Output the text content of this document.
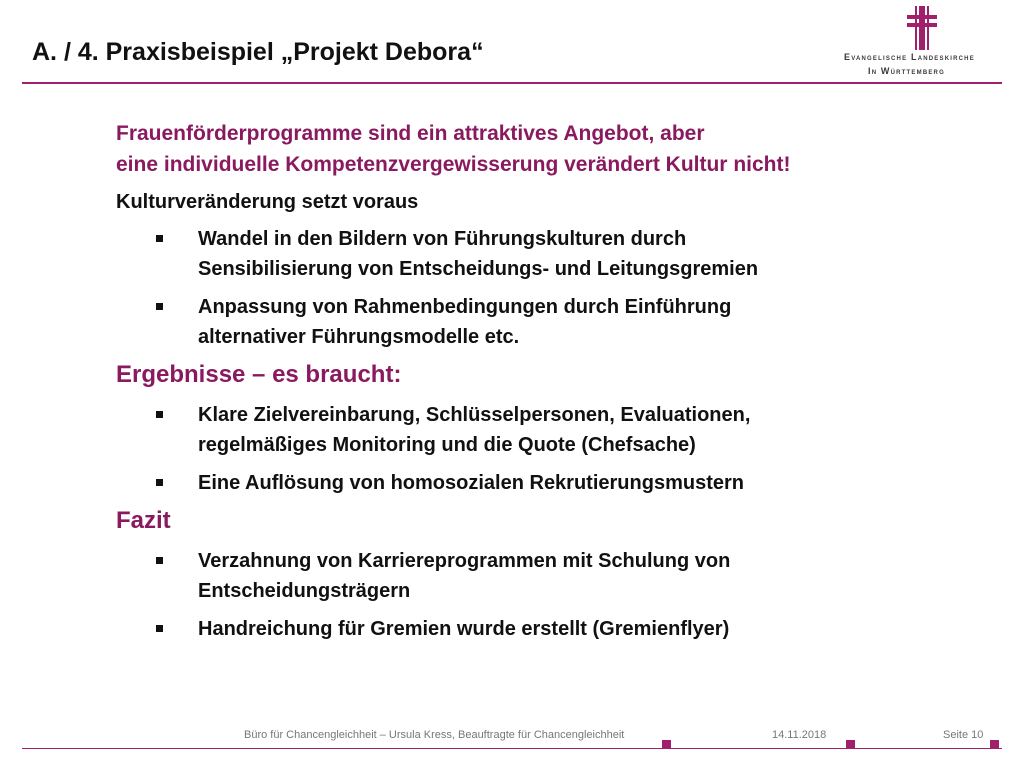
A. / 4. Praxisbeispiel „Projekt Debora“	Evangelische Landeskirche
In Württemberg
Frauenförderprogramme sind ein attraktives Angebot, aber
eine individuelle Kompetenzvergewisserung verändert Kultur nicht!
Kulturveränderung setzt voraus
Wandel in den Bildern von Führungskulturen durch
Sensibilisierung von Entscheidungs- und Leitungsgremien
Anpassung von Rahmenbedingungen durch Einführung
alternativer Führungsmodelle etc.
Ergebnisse – es braucht:
Klare Zielvereinbarung, Schlüsselpersonen, Evaluationen,
regelmäßiges Monitoring und die Quote (Chefsache)
Eine Auflösung von homosozialen Rekrutierungsmustern
Fazit
Verzahnung von Karriereprogrammen mit Schulung von
Entscheidungsträgern
Handreichung für Gremien wurde erstellt (Gremienflyer)
Büro für Chancengleichheit – Ursula Kress, Beauftragte für Chancengleichheit	14.11.2018	Seite 10
